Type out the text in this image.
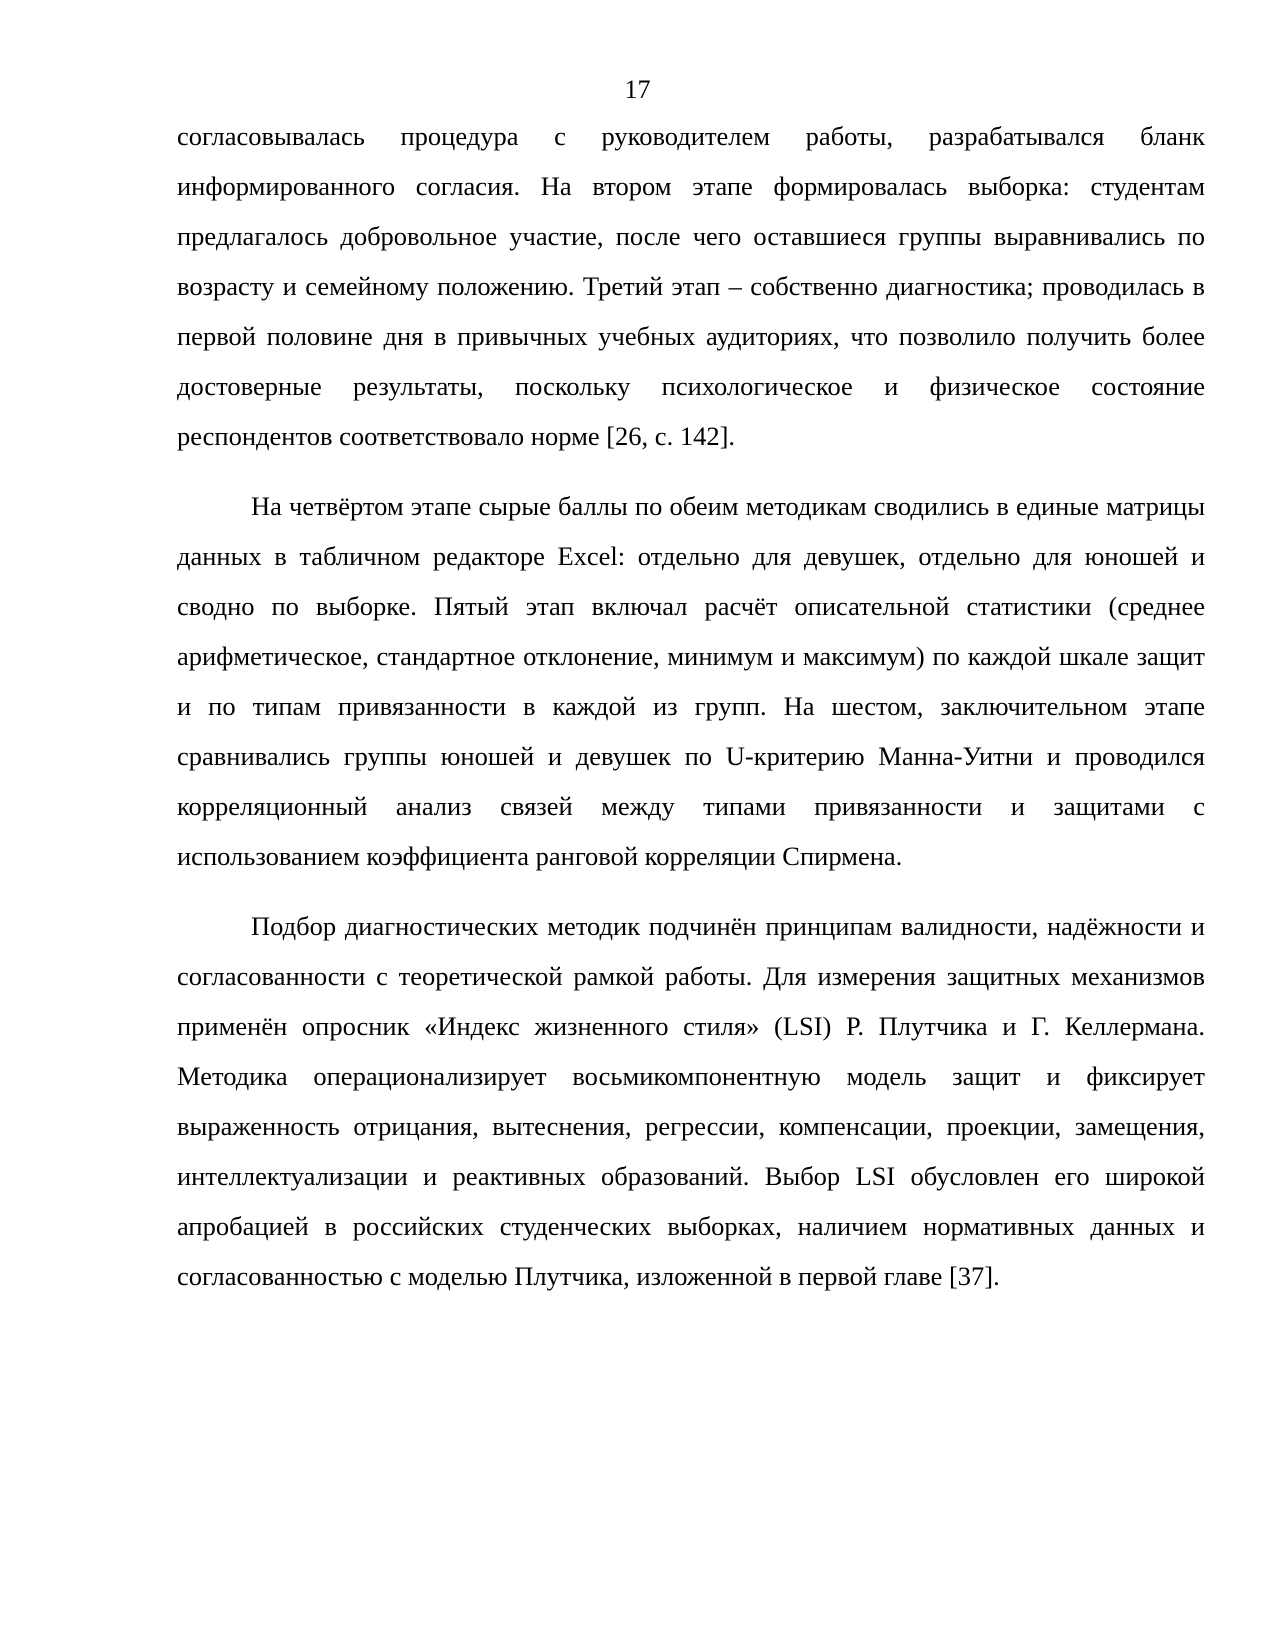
17

согласовывалась процедура с руководителем работы, разрабатывался бланк информированного согласия. На втором этапе формировалась выборка: студентам предлагалось добровольное участие, после чего оставшиеся группы выравнивались по возрасту и семейному положению. Третий этап – собственно диагностика; проводилась в первой половине дня в привычных учебных аудиториях, что позволило получить более достоверные результаты, поскольку психологическое и физическое состояние респондентов соответствовало норме [26, с. 142].

На четвёртом этапе сырые баллы по обеим методикам сводились в единые матрицы данных в табличном редакторе Excel: отдельно для девушек, отдельно для юношей и сводно по выборке. Пятый этап включал расчёт описательной статистики (среднее арифметическое, стандартное отклонение, минимум и максимум) по каждой шкале защит и по типам привязанности в каждой из групп. На шестом, заключительном этапе сравнивались группы юношей и девушек по U-критерию Манна-Уитни и проводился корреляционный анализ связей между типами привязанности и защитами с использованием коэффициента ранговой корреляции Спирмена.

Подбор диагностических методик подчинён принципам валидности, надёжности и согласованности с теоретической рамкой работы. Для измерения защитных механизмов применён опросник «Индекс жизненного стиля» (LSI) Р. Плутчика и Г. Келлермана. Методика операционализирует восьмикомпонентную модель защит и фиксирует выраженность отрицания, вытеснения, регрессии, компенсации, проекции, замещения, интеллектуализации и реактивных образований. Выбор LSI обусловлен его широкой апробацией в российских студенческих выборках, наличием нормативных данных и согласованностью с моделью Плутчика, изложенной в первой главе [37].
